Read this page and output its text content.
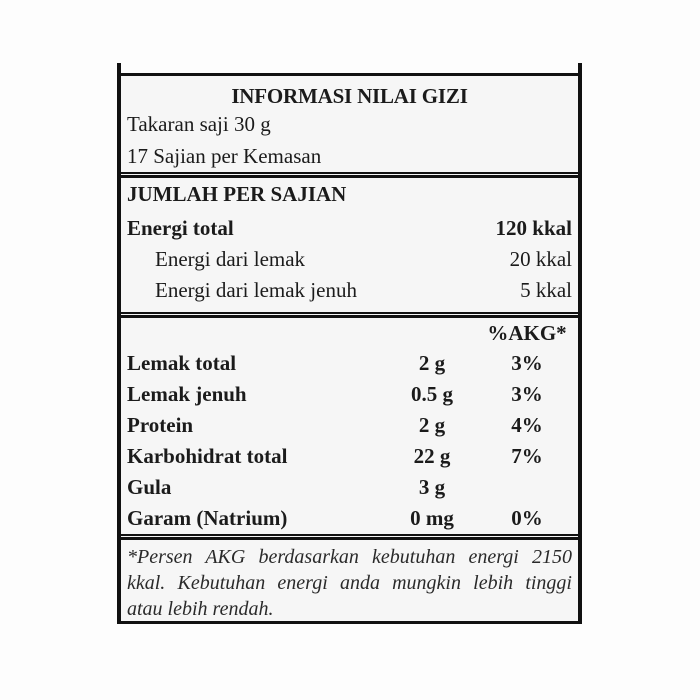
INFORMASI NILAI GIZI
Takaran saji 30 g
17 Sajian per Kemasan
JUMLAH PER SAJIAN
Energi total	120 kkal
Energi dari lemak	20 kkal
Energi dari lemak jenuh	5 kkal
%AKG*
Lemak total	2 g	3%
Lemak jenuh	0.5 g	3%
Protein	2 g	4%
Karbohidrat total	22 g	7%
Gula	3 g
Garam (Natrium)	0 mg	0%
*Persen AKG berdasarkan kebutuhan energi 2150
kkal. Kebutuhan energi anda mungkin lebih tinggi
atau lebih rendah.
